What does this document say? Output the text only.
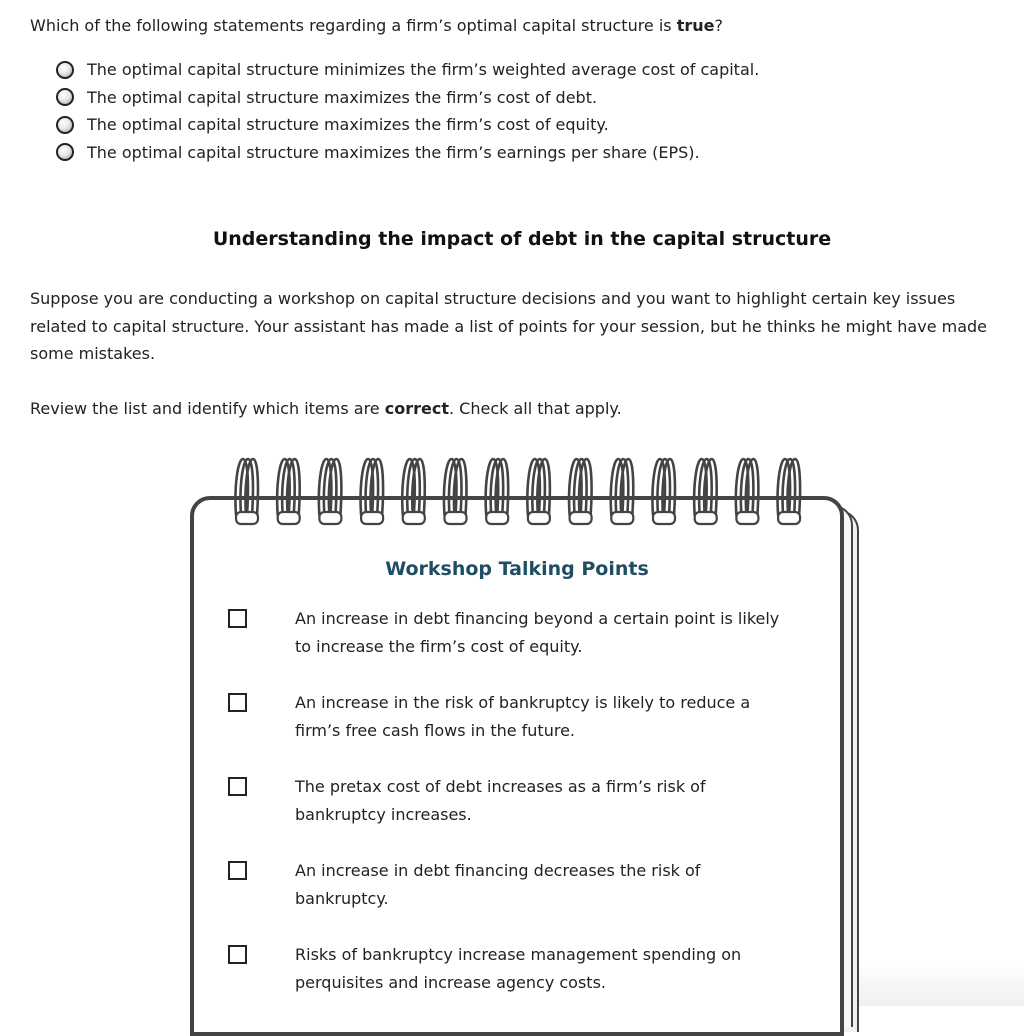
Which of the following statements regarding a firm’s optimal capital structure is true?
The optimal capital structure minimizes the firm’s weighted average cost of capital.
The optimal capital structure maximizes the firm’s cost of debt.
The optimal capital structure maximizes the firm’s cost of equity.
The optimal capital structure maximizes the firm’s earnings per share (EPS).
Understanding the impact of debt in the capital structure
Suppose you are conducting a workshop on capital structure decisions and you want to highlight certain key issues related to capital structure. Your assistant has made a list of points for your session, but he thinks he might have made some mistakes.
Review the list and identify which items are correct. Check all that apply.
Workshop Talking Points
An increase in debt financing beyond a certain point is likely to increase the firm’s cost of equity.
An increase in the risk of bankruptcy is likely to reduce a firm’s free cash flows in the future.
The pretax cost of debt increases as a firm’s risk of bankruptcy increases.
An increase in debt financing decreases the risk of bankruptcy.
Risks of bankruptcy increase management spending on perquisites and increase agency costs.
